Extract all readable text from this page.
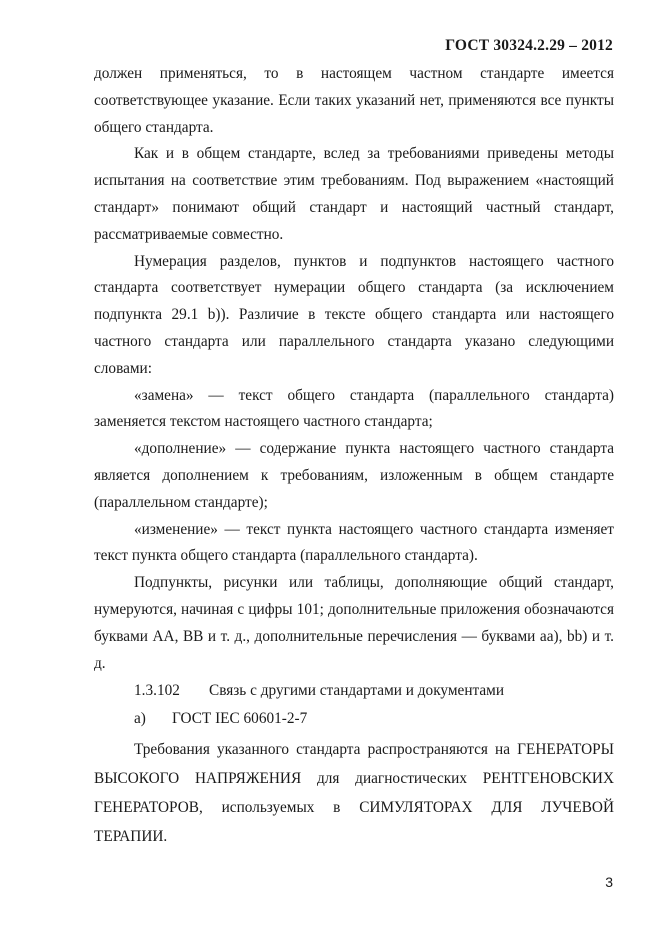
ГОСТ 30324.2.29 – 2012

должен применяться, то в настоящем частном стандарте имеется соответствующее указание. Если таких указаний нет, применяются все пункты общего стандарта.

Как и в общем стандарте, вслед за требованиями приведены методы испытания на соответствие этим требованиям. Под выражением «настоящий стандарт» понимают общий стандарт и настоящий частный стандарт, рассматриваемые совместно.

Нумерация разделов, пунктов и подпунктов настоящего частного стандарта соответствует нумерации общего стандарта (за исключением подпункта 29.1 b)). Различие в тексте общего стандарта или настоящего частного стандарта или параллельного стандарта указано следующими словами:

«замена» — текст общего стандарта (параллельного стандарта) заменяется текстом настоящего частного стандарта;

«дополнение» — содержание пункта настоящего частного стандарта является дополнением к требованиям, изложенным в общем стандарте (параллельном стандарте);

«изменение» — текст пункта настоящего частного стандарта изменяет текст пункта общего стандарта (параллельного стандарта).

Подпункты, рисунки или таблицы, дополняющие общий стандарт, нумеруются, начиная с цифры 101; дополнительные приложения обозначаются буквами АА, ВВ и т. д., дополнительные перечисления — буквами аа), bb) и т. д.

1.3.102	Связь с другими стандартами и документами
а)	ГОСТ IEC 60601-2-7

Требования указанного стандарта распространяются на ГЕНЕРАТОРЫ ВЫСОКОГО НАПРЯЖЕНИЯ для диагностических РЕНТГЕНОВСКИХ ГЕНЕРАТОРОВ, используемых в СИМУЛЯТОРАХ ДЛЯ ЛУЧЕВОЙ ТЕРАПИИ.

3
